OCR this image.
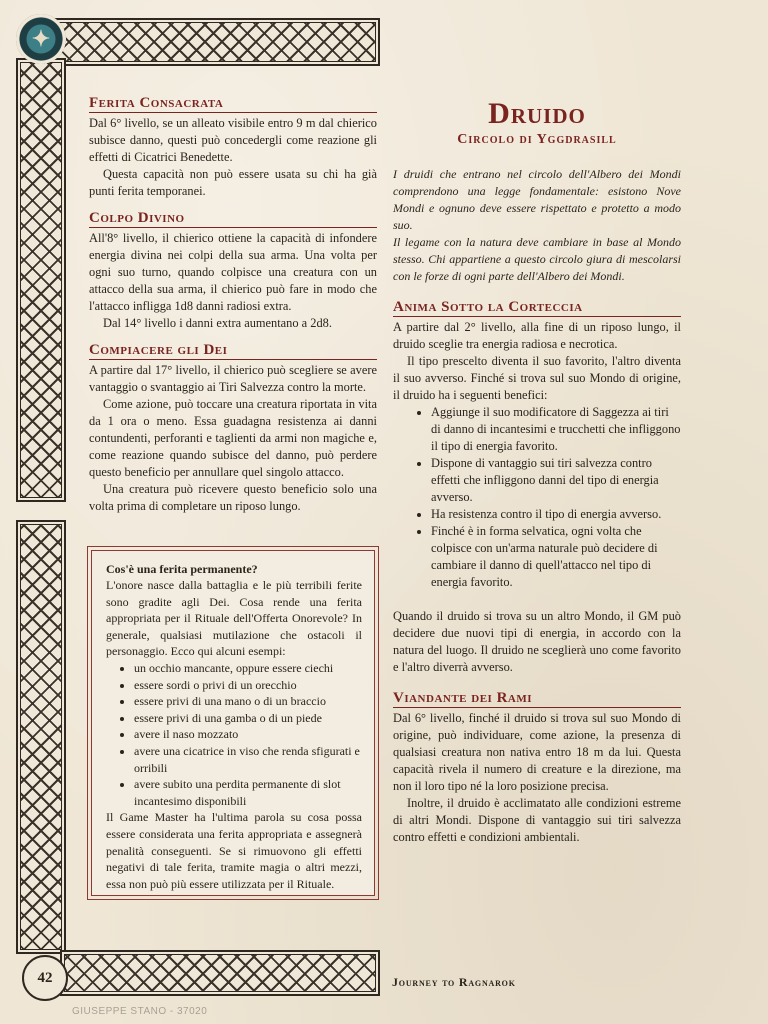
✦
Ferita Consacrata

Dal 6° livello, se un alleato visibile entro 9 m dal chierico subisce danno, questi può concedergli come reazione gli effetti di Cicatrici Benedette.

Questa capacità non può essere usata su chi ha già punti ferita temporanei.

Colpo Divino

All'8° livello, il chierico ottiene la capacità di infondere energia divina nei colpi della sua arma. Una volta per ogni suo turno, quando colpisce una creatura con un attacco della sua arma, il chierico può fare in modo che l'attacco infligga 1d8 danni radiosi extra.

Dal 14° livello i danni extra aumentano a 2d8.

Compiacere gli Dei

A partire dal 17° livello, il chierico può scegliere se avere vantaggio o svantaggio ai Tiri Salvezza contro la morte.

Come azione, può toccare una creatura riportata in vita da 1 ora o meno. Essa guadagna resistenza ai danni contundenti, perforanti e taglienti da armi non magiche e, come reazione quando subisce del danno, può perdere questo beneficio per annullare quel singolo attacco.

Una creatura può ricevere questo beneficio solo una volta prima di completare un riposo lungo.

Cos'è una ferita permanente?

L'onore nasce dalla battaglia e le più terribili ferite sono gradite agli Dei. Cosa rende una ferita appropriata per il Rituale dell'Offerta Onorevole? In generale, qualsiasi mutilazione che ostacoli il personaggio. Ecco qui alcuni esempi:

• un occhio mancante, oppure essere ciechi
• essere sordi o privi di un orecchio
• essere privi di una mano o di un braccio
• essere privi di una gamba o di un piede
• avere il naso mozzato
• avere una cicatrice in viso che renda sfigurati e orribili
• avere subito una perdita permanente di slot incantesimo disponibili

Il Game Master ha l'ultima parola su cosa possa essere considerata una ferita appropriata e assegnerà penalità conseguenti. Se si rimuovono gli effetti negativi di tale ferita, tramite magia o altri mezzi, essa non può più essere utilizzata per il Rituale.

Druido
Circolo di Yggdrasill

I druidi che entrano nel circolo dell'Albero dei Mondi comprendono una legge fondamentale: esistono Nove Mondi e ognuno deve essere rispettato e protetto a modo suo.

Il legame con la natura deve cambiare in base al Mondo stesso. Chi appartiene a questo circolo giura di mescolarsi con le forze di ogni parte dell'Albero dei Mondi.

Anima Sotto la Corteccia

A partire dal 2° livello, alla fine di un riposo lungo, il druido sceglie tra energia radiosa e necrotica.

Il tipo prescelto diventa il suo favorito, l'altro diventa il suo avverso. Finché si trova sul suo Mondo di origine, il druido ha i seguenti benefici:

• Aggiunge il suo modificatore di Saggezza ai tiri di danno di incantesimi e trucchetti che infliggono il tipo di energia favorito.
• Dispone di vantaggio sui tiri salvezza contro effetti che infliggono danni del tipo di energia avverso.
• Ha resistenza contro il tipo di energia avverso.
• Finché è in forma selvatica, ogni volta che colpisce con un'arma naturale può decidere di cambiare il danno di quell'attacco nel tipo di energia favorito.

Quando il druido si trova su un altro Mondo, il GM può decidere due nuovi tipi di energia, in accordo con la natura del luogo. Il druido ne sceglierà uno come favorito e l'altro diverrà avverso.

Viandante dei Rami

Dal 6° livello, finché il druido si trova sul suo Mondo di origine, può individuare, come azione, la presenza di qualsiasi creatura non nativa entro 18 m da lui. Questa capacità rivela il numero di creature e la direzione, ma non il loro tipo né la loro posizione precisa.

Inoltre, il druido è acclimatato alle condizioni estreme di altri Mondi. Dispone di vantaggio sui tiri salvezza contro effetti e condizioni ambientali.

42	Journey to Ragnarok
GIUSEPPE STANO - 37020
